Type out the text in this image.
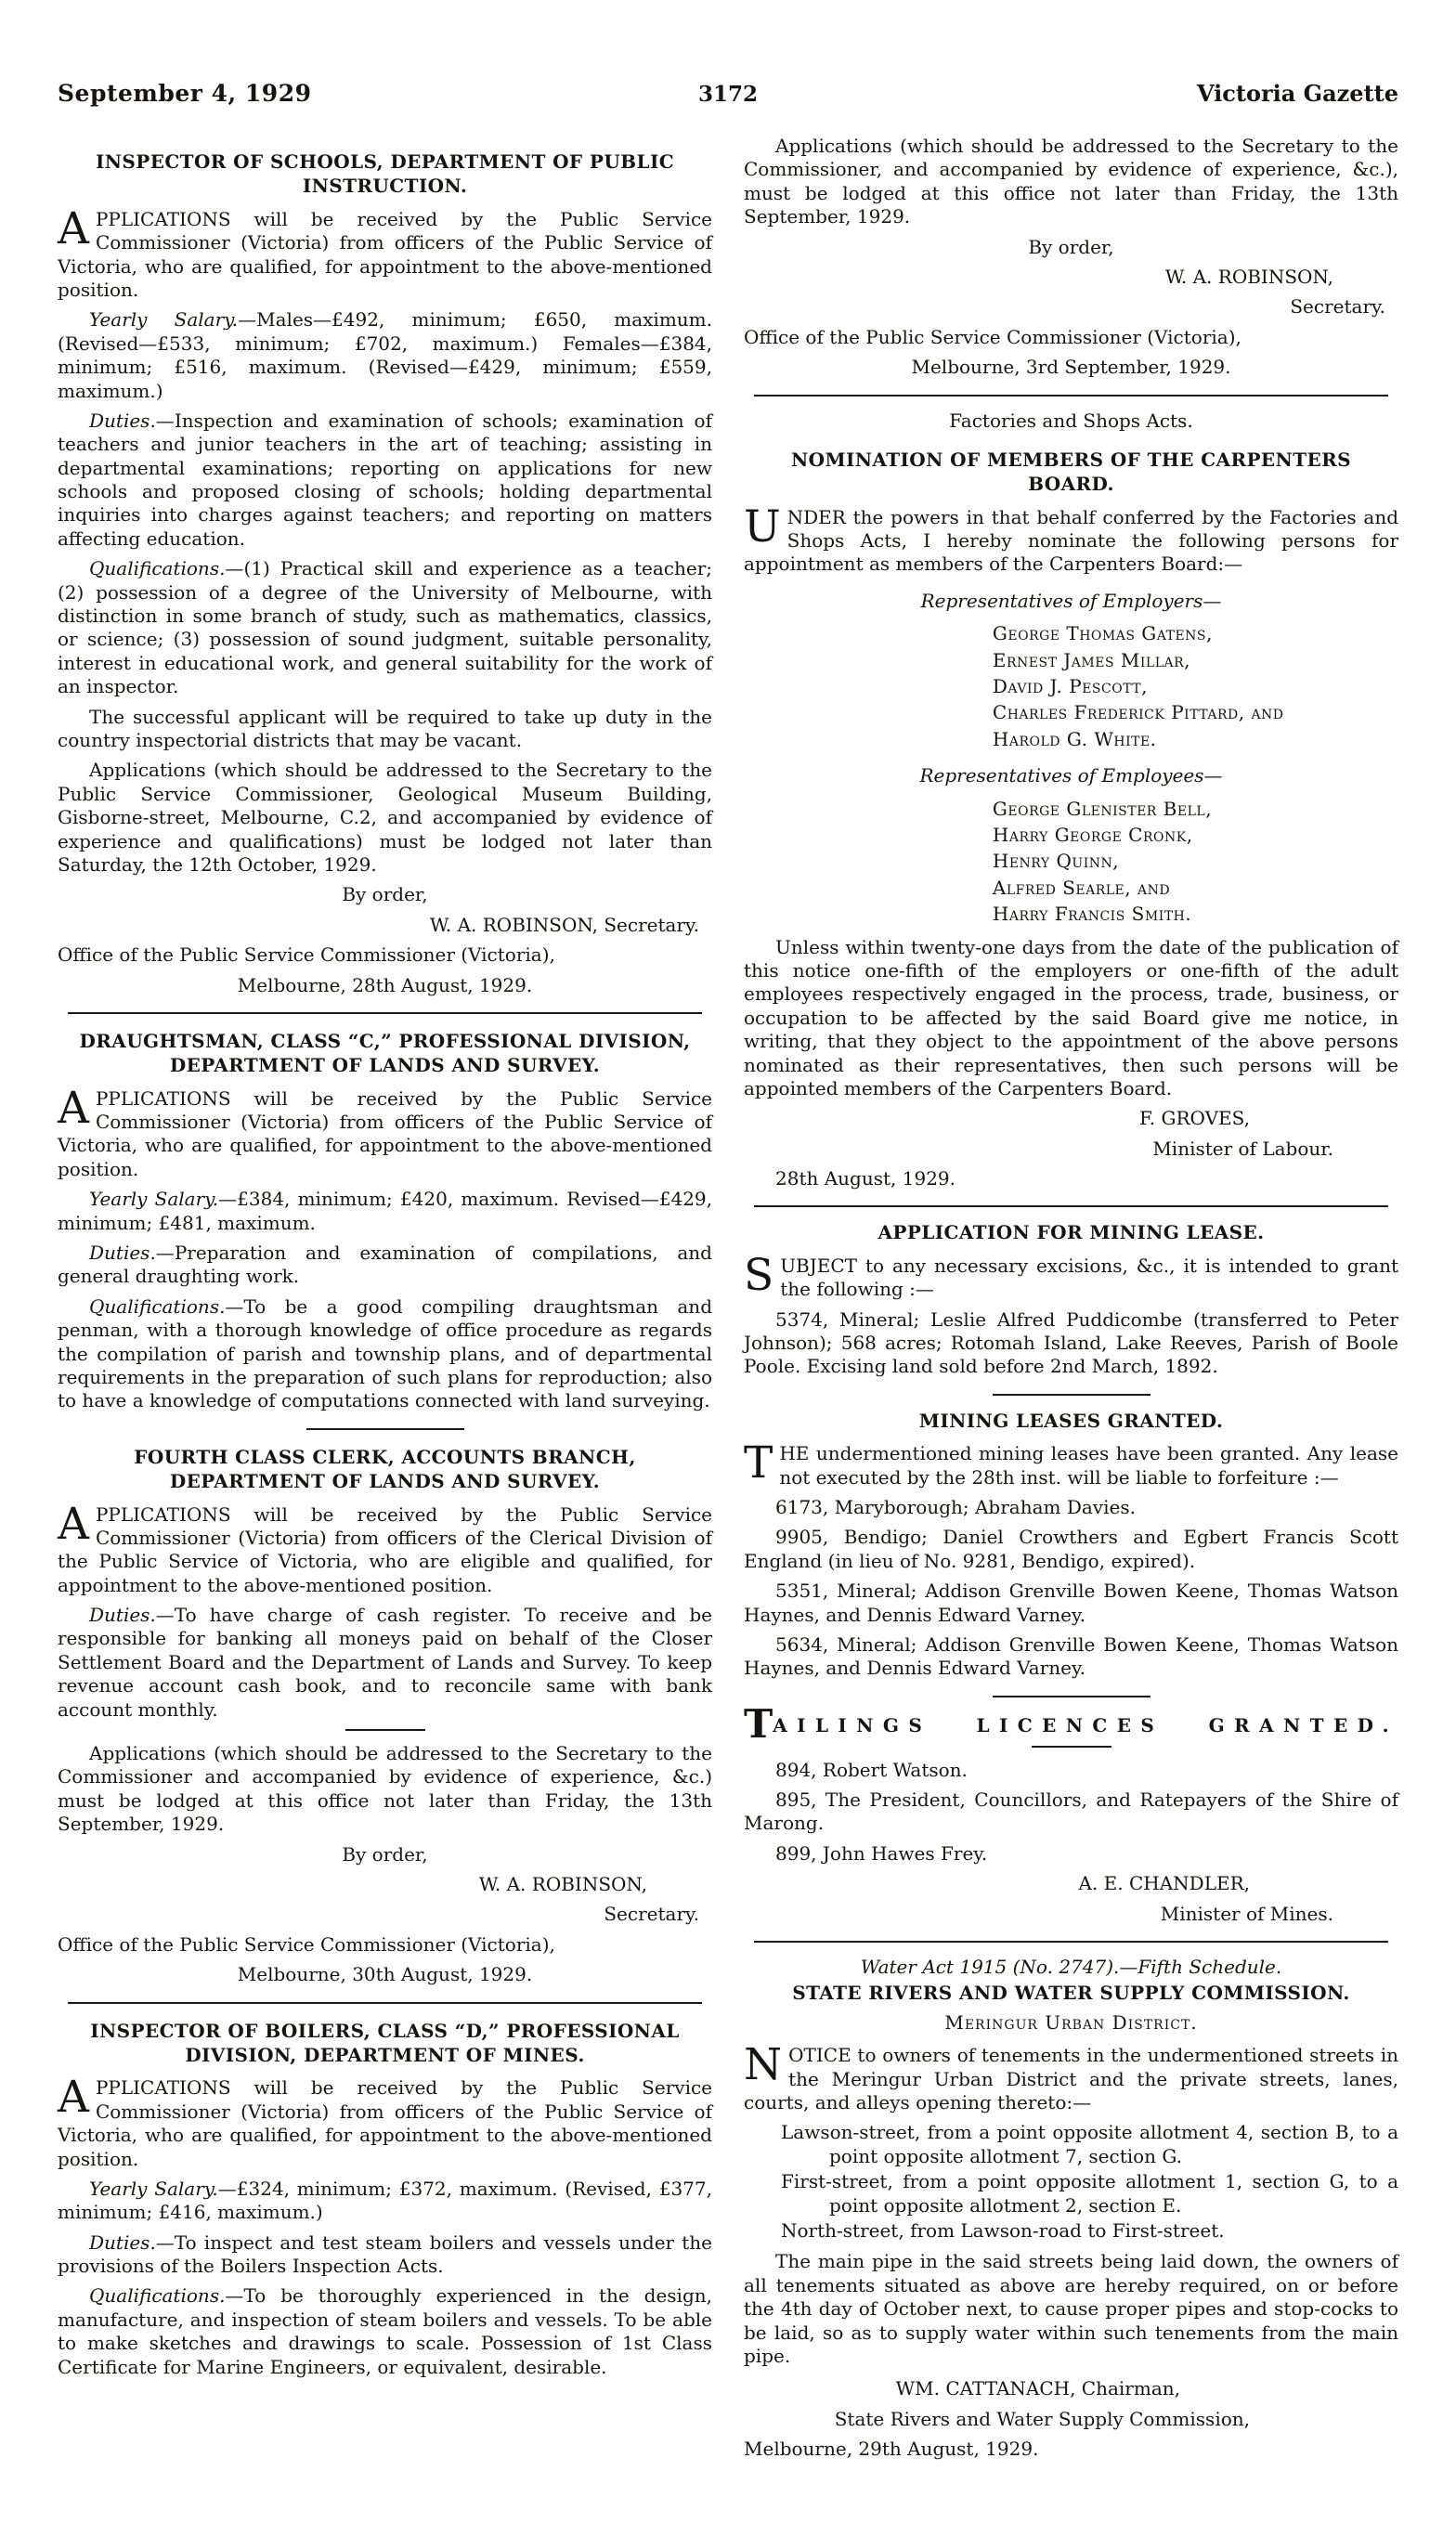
September 4, 1929	3172	Victoria Gazette
INSPECTOR OF SCHOOLS, DEPARTMENT OF PUBLIC INSTRUCTION.

APPLICATIONS will be received by the Public Service Commissioner (Victoria) from officers of the Public Service of Victoria, who are qualified, for appointment to the above-mentioned position.

Yearly Salary.—Males—£492, minimum; £650, maximum. (Revised—£533, minimum; £702, maximum.) Females—£384, minimum; £516, maximum. (Revised—£429, minimum; £559, maximum.)

Duties.—Inspection and examination of schools; examination of teachers and junior teachers in the art of teaching; assisting in departmental examinations; reporting on applications for new schools and proposed closing of schools; holding departmental inquiries into charges against teachers; and reporting on matters affecting education.

Qualifications.—(1) Practical skill and experience as a teacher; (2) possession of a degree of the University of Melbourne, with distinction in some branch of study, such as mathematics, classics, or science; (3) possession of sound judgment, suitable personality, interest in educational work, and general suitability for the work of an inspector.

The successful applicant will be required to take up duty in the country inspectorial districts that may be vacant.

Applications (which should be addressed to the Secretary to the Public Service Commissioner, Geological Museum Building, Gisborne-street, Melbourne, C.2, and accompanied by evidence of experience and qualifications) must be lodged not later than Saturday, the 12th October, 1929.

By order,

W. A. ROBINSON, Secretary.

Office of the Public Service Commissioner (Victoria),

Melbourne, 28th August, 1929.

DRAUGHTSMAN, CLASS “C,” PROFESSIONAL DIVISION, DEPARTMENT OF LANDS AND SURVEY.

APPLICATIONS will be received by the Public Service Commissioner (Victoria) from officers of the Public Service of Victoria, who are qualified, for appointment to the above-mentioned position.

Yearly Salary.—£384, minimum; £420, maximum. Revised—£429, minimum; £481, maximum.

Duties.—Preparation and examination of compilations, and general draughting work.

Qualifications.—To be a good compiling draughtsman and penman, with a thorough knowledge of office procedure as regards the compilation of parish and township plans, and of departmental requirements in the preparation of such plans for reproduction; also to have a knowledge of computations connected with land surveying.

FOURTH CLASS CLERK, ACCOUNTS BRANCH, DEPARTMENT OF LANDS AND SURVEY.

APPLICATIONS will be received by the Public Service Commissioner (Victoria) from officers of the Clerical Division of the Public Service of Victoria, who are eligible and qualified, for appointment to the above-mentioned position.

Duties.—To have charge of cash register. To receive and be responsible for banking all moneys paid on behalf of the Closer Settlement Board and the Department of Lands and Survey. To keep revenue account cash book, and to reconcile same with bank account monthly.

Applications (which should be addressed to the Secretary to the Commissioner and accompanied by evidence of experience, &c.) must be lodged at this office not later than Friday, the 13th September, 1929.

By order,

W. A. ROBINSON,

Secretary.

Office of the Public Service Commissioner (Victoria),

Melbourne, 30th August, 1929.

INSPECTOR OF BOILERS, CLASS “D,” PROFESSIONAL DIVISION, DEPARTMENT OF MINES.

APPLICATIONS will be received by the Public Service Commissioner (Victoria) from officers of the Public Service of Victoria, who are qualified, for appointment to the above-mentioned position.

Yearly Salary.—£324, minimum; £372, maximum. (Revised, £377, minimum; £416, maximum.)

Duties.—To inspect and test steam boilers and vessels under the provisions of the Boilers Inspection Acts.

Qualifications.—To be thoroughly experienced in the design, manufacture, and inspection of steam boilers and vessels. To be able to make sketches and drawings to scale. Possession of 1st Class Certificate for Marine Engineers, or equivalent, desirable.

Applications (which should be addressed to the Secretary to the Commissioner, and accompanied by evidence of experience, &c.), must be lodged at this office not later than Friday, the 13th September, 1929.

By order,

W. A. ROBINSON,

Secretary.

Office of the Public Service Commissioner (Victoria),

Melbourne, 3rd September, 1929.

Factories and Shops Acts.

NOMINATION OF MEMBERS OF THE CARPENTERS BOARD.

UNDER the powers in that behalf conferred by the Factories and Shops Acts, I hereby nominate the following persons for appointment as members of the Carpenters Board:—

Representatives of Employers—

George Thomas Gatens,

Ernest James Millar,

David J. Pescott,

Charles Frederick Pittard, and

Harold G. White.

Representatives of Employees—

George Glenister Bell,

Harry George Cronk,

Henry Quinn,

Alfred Searle, and

Harry Francis Smith.

Unless within twenty-one days from the date of the publication of this notice one-fifth of the employers or one-fifth of the adult employees respectively engaged in the process, trade, business, or occupation to be affected by the said Board give me notice, in writing, that they object to the appointment of the above persons nominated as their representatives, then such persons will be appointed members of the Carpenters Board.

F. GROVES,

Minister of Labour.

28th August, 1929.

APPLICATION FOR MINING LEASE.

SUBJECT to any necessary excisions, &c., it is intended to grant the following :—

5374, Mineral; Leslie Alfred Puddicombe (transferred to Peter Johnson); 568 acres; Rotomah Island, Lake Reeves, Parish of Boole Poole. Excising land sold before 2nd March, 1892.

MINING LEASES GRANTED.

THE undermentioned mining leases have been granted. Any lease not executed by the 28th inst. will be liable to forfeiture :—

6173, Maryborough; Abraham Davies.

9905, Bendigo; Daniel Crowthers and Egbert Francis Scott England (in lieu of No. 9281, Bendigo, expired).

5351, Mineral; Addison Grenville Bowen Keene, Thomas Watson Haynes, and Dennis Edward Varney.

5634, Mineral; Addison Grenville Bowen Keene, Thomas Watson Haynes, and Dennis Edward Varney.

TAILINGS LICENCES GRANTED.

894, Robert Watson.

895, The President, Councillors, and Ratepayers of the Shire of Marong.

899, John Hawes Frey.

A. E. CHANDLER,

Minister of Mines.

Water Act 1915 (No. 2747).—Fifth Schedule.

STATE RIVERS AND WATER SUPPLY COMMISSION.

Meringur Urban District.

NOTICE to owners of tenements in the undermentioned streets in the Meringur Urban District and the private streets, lanes, courts, and alleys opening thereto:—

Lawson-street, from a point opposite allotment 4, section B, to a point opposite allotment 7, section G.

First-street, from a point opposite allotment 1, section G, to a point opposite allotment 2, section E.

North-street, from Lawson-road to First-street.

The main pipe in the said streets being laid down, the owners of all tenements situated as above are hereby required, on or before the 4th day of October next, to cause proper pipes and stop-cocks to be laid, so as to supply water within such tenements from the main pipe.

WM. CATTANACH, Chairman,

State Rivers and Water Supply Commission,

Melbourne, 29th August, 1929.
